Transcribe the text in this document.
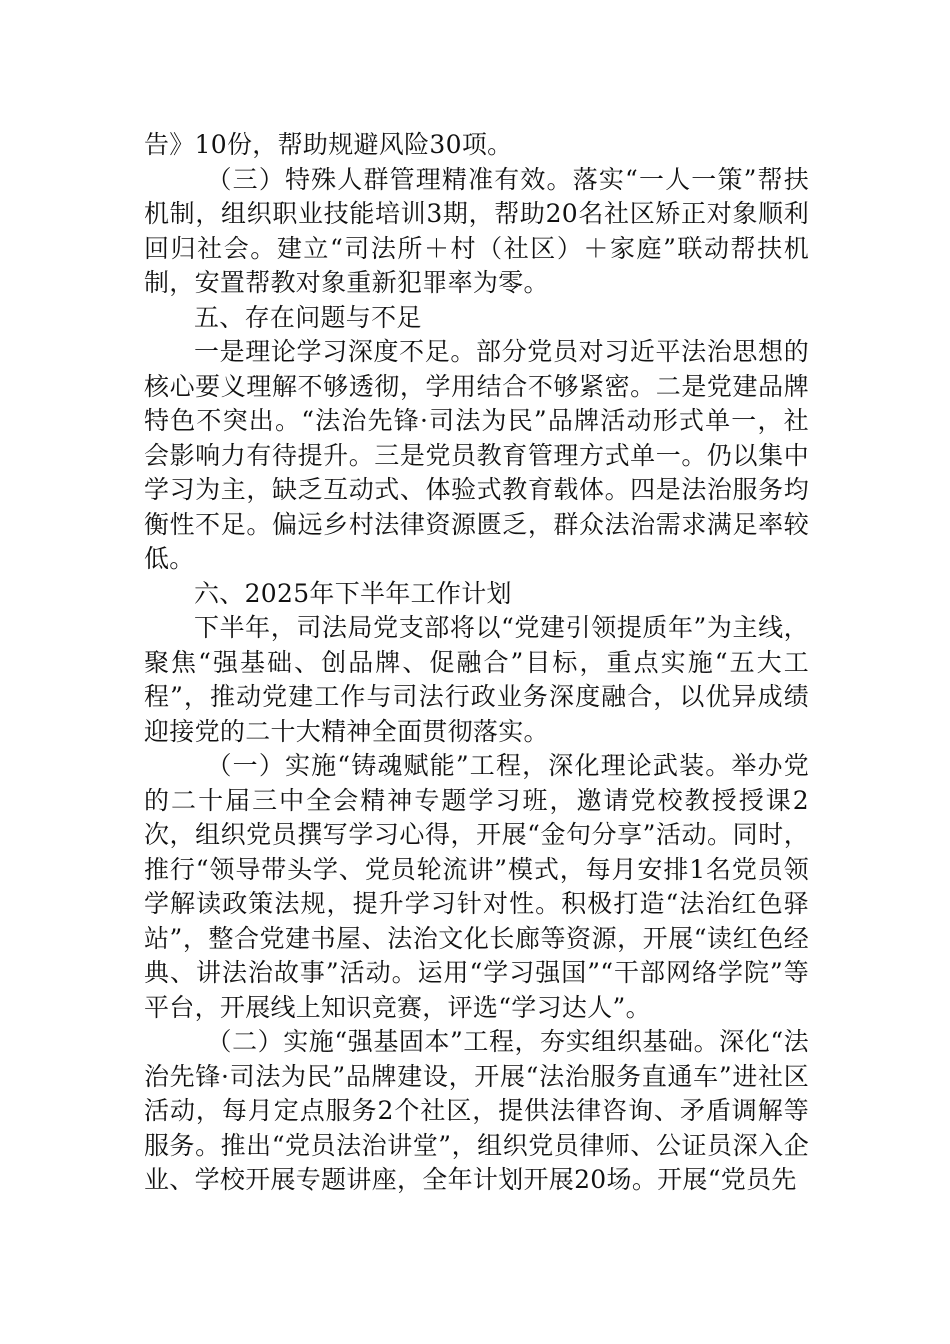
告》10份，帮助规避风险30项。

（三）特殊人群管理精准有效。落实“一人一策”帮扶机制，组织职业技能培训3期，帮助20名社区矫正对象顺利回归社会。建立“司法所＋村（社区）＋家庭”联动帮扶机制，安置帮教对象重新犯罪率为零。

五、存在问题与不足

一是理论学习深度不足。部分党员对习近平法治思想的核心要义理解不够透彻，学用结合不够紧密。二是党建品牌特色不突出。“法治先锋·司法为民”品牌活动形式单一，社会影响力有待提升。三是党员教育管理方式单一。仍以集中学习为主，缺乏互动式、体验式教育载体。四是法治服务均衡性不足。偏远乡村法律资源匮乏，群众法治需求满足率较低。

六、2025年下半年工作计划

下半年，司法局党支部将以“党建引领提质年”为主线，聚焦“强基础、创品牌、促融合”目标，重点实施“五大工程”，推动党建工作与司法行政业务深度融合，以优异成绩迎接党的二十大精神全面贯彻落实。

（一）实施“铸魂赋能”工程，深化理论武装。举办党的二十届三中全会精神专题学习班，邀请党校教授授课2次，组织党员撰写学习心得，开展“金句分享”活动。同时，推行“领导带头学、党员轮流讲”模式，每月安排1名党员领学解读政策法规，提升学习针对性。积极打造“法治红色驿站”，整合党建书屋、法治文化长廊等资源，开展“读红色经典、讲法治故事”活动。运用“学习强国”“干部网络学院”等平台，开展线上知识竞赛，评选“学习达人”。

（二）实施“强基固本”工程，夯实组织基础。深化“法治先锋·司法为民”品牌建设，开展“法治服务直通车”进社区活动，每月定点服务2个社区，提供法律咨询、矛盾调解等服务。推出“党员法治讲堂”，组织党员律师、公证员深入企业、学校开展专题讲座，全年计划开展20场。开展“党员先
